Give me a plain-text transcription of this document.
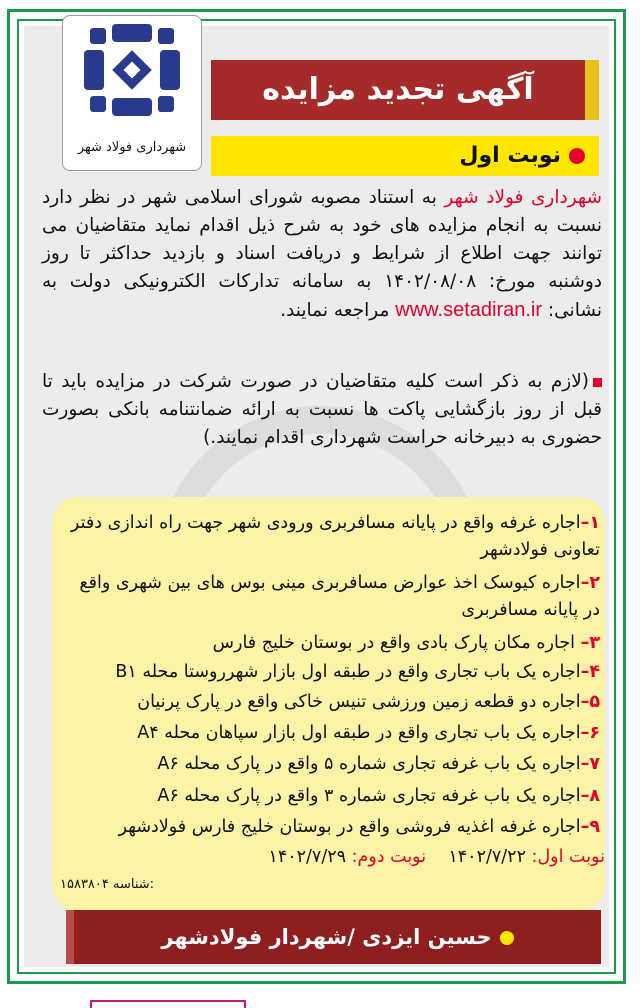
شهرداری فولاد شهر
آگهی تجدید مزایده
نوبت اول
شهرداری فولاد شهر به استناد مصوبه شورای اسلامی شهر در نظر دارد نسبت به انجام مزایده های خود به شرح ذیل اقدام نماید متقاضیان می توانند جهت اطلاع از شرایط و دریافت اسناد و بازدید حداکثر تا روز دوشنبه مورخ: ۱۴۰۲/۰۸/۰۸ به سامانه تدارکات الکترونیکی دولت به نشانی: www.setadiran.ir مراجعه نمایند.
(لازم به ذکر است کلیه متقاضیان در صورت شرکت در مزایده باید تا قبل از روز بازگشایی پاکت ها نسبت به ارائه ضمانتنامه بانکی بصورت حضوری به دبیرخانه حراست شهرداری اقدام نمایند.)
۱–اجاره غرفه واقع در پایانه مسافربری ورودی شهر جهت راه اندازی دفتر تعاونی فولادشهر
۲–اجاره کیوسک اخذ عوارض مسافربری مینی بوس های بین شهری واقع در پایانه مسافربری
۳– اجاره مکان پارک بادی واقع در بوستان خلیج فارس
۴–اجاره یک باب تجاری واقع در طبقه اول بازار شهرروستا محله B۱
۵–اجاره دو قطعه زمین ورزشی تنیس خاکی واقع در پارک پرنیان
۶–اجاره یک باب تجاری واقع در طبقه اول بازار سپاهان محله A۴
۷–اجاره یک باب غرفه تجاری شماره ۵ واقع در پارک محله A۶
۸–اجاره یک باب غرفه تجاری شماره ۳ واقع در پارک محله A۶
۹–اجاره غرفه اغذیه فروشی واقع در بوستان خلیج فارس فولادشهر
نوبت اول: ۱۴۰۲/۷/۲۲    نوبت دوم: ۱۴۰۲/۷/۲۹
۱۵۸۳۸۰۴ شناسه:
حسین ایزدی /شهردار فولادشهر
